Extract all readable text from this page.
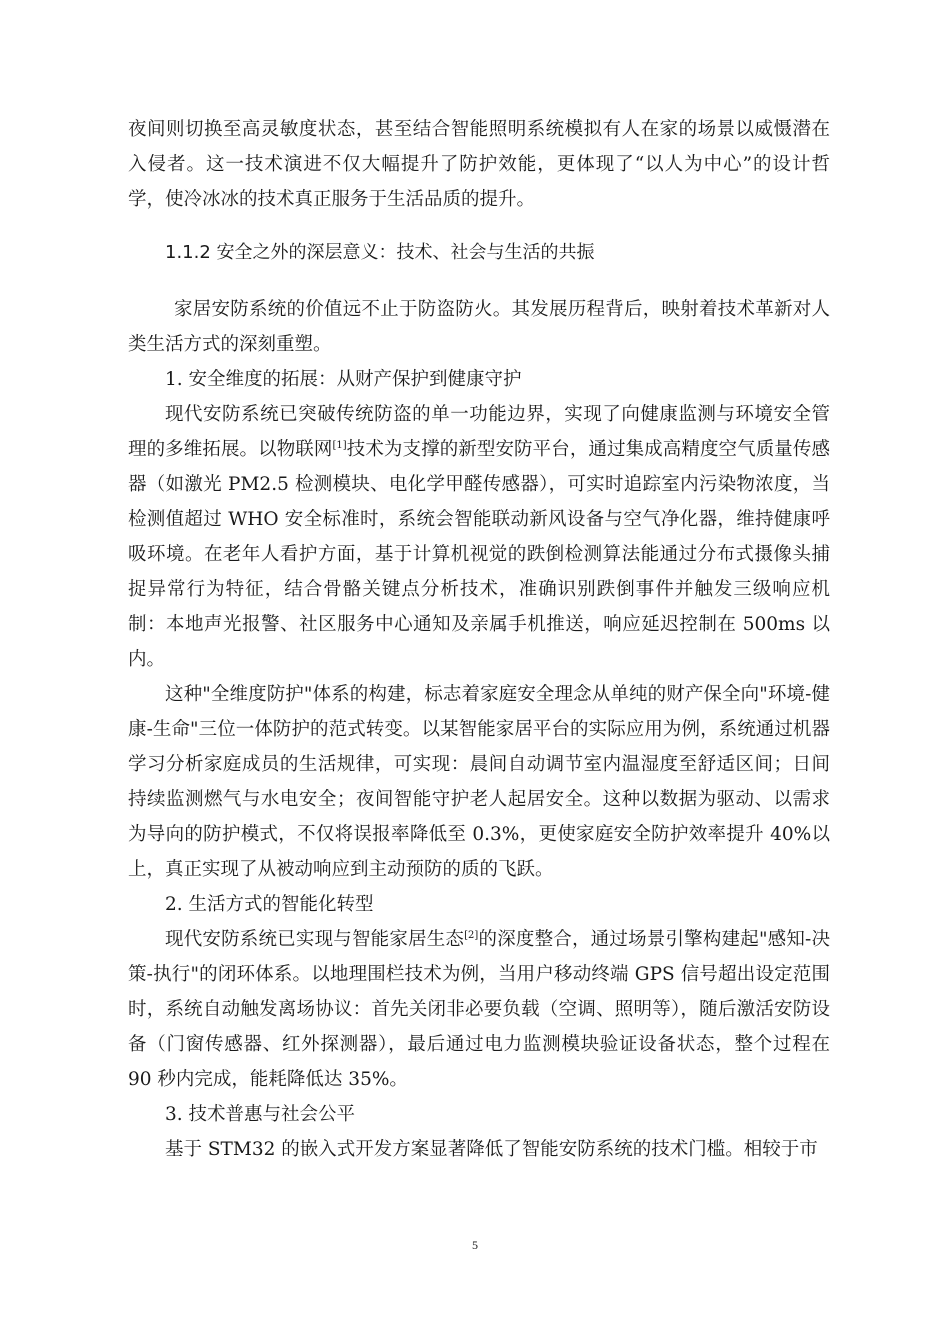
夜间则切换至高灵敏度状态，甚至结合智能照明系统模拟有人在家的场景以威慑潜在入侵者。这一技术演进不仅大幅提升了防护效能，更体现了“以人为中心”的设计哲学，使冷冰冰的技术真正服务于生活品质的提升。

1.1.2 安全之外的深层意义：技术、社会与生活的共振

家居安防系统的价值远不止于防盗防火。其发展历程背后，映射着技术革新对人类生活方式的深刻重塑。

1. 安全维度的拓展：从财产保护到健康守护

现代安防系统已突破传统防盗的单一功能边界，实现了向健康监测与环境安全管理的多维拓展。以物联网[1]技术为支撑的新型安防平台，通过集成高精度空气质量传感器（如激光 PM2.5 检测模块、电化学甲醛传感器），可实时追踪室内污染物浓度，当检测值超过 WHO 安全标准时，系统会智能联动新风设备与空气净化器，维持健康呼吸环境。在老年人看护方面，基于计算机视觉的跌倒检测算法能通过分布式摄像头捕捉异常行为特征，结合骨骼关键点分析技术，准确识别跌倒事件并触发三级响应机制：本地声光报警、社区服务中心通知及亲属手机推送，响应延迟控制在 500ms 以内。

这种"全维度防护"体系的构建，标志着家庭安全理念从单纯的财产保全向"环境-健康-生命"三位一体防护的范式转变。以某智能家居平台的实际应用为例，系统通过机器学习分析家庭成员的生活规律，可实现：晨间自动调节室内温湿度至舒适区间；日间持续监测燃气与水电安全；夜间智能守护老人起居安全。这种以数据为驱动、以需求为导向的防护模式，不仅将误报率降低至 0.3%，更使家庭安全防护效率提升 40%以上，真正实现了从被动响应到主动预防的质的飞跃。

2. 生活方式的智能化转型

现代安防系统已实现与智能家居生态[2]的深度整合，通过场景引擎构建起"感知-决策-执行"的闭环体系。以地理围栏技术为例，当用户移动终端 GPS 信号超出设定范围时，系统自动触发离场协议：首先关闭非必要负载（空调、照明等），随后激活安防设备（门窗传感器、红外探测器），最后通过电力监测模块验证设备状态，整个过程在 90 秒内完成，能耗降低达 35%。

3. 技术普惠与社会公平

基于 STM32 的嵌入式开发方案显著降低了智能安防系统的技术门槛。相较于市

5
